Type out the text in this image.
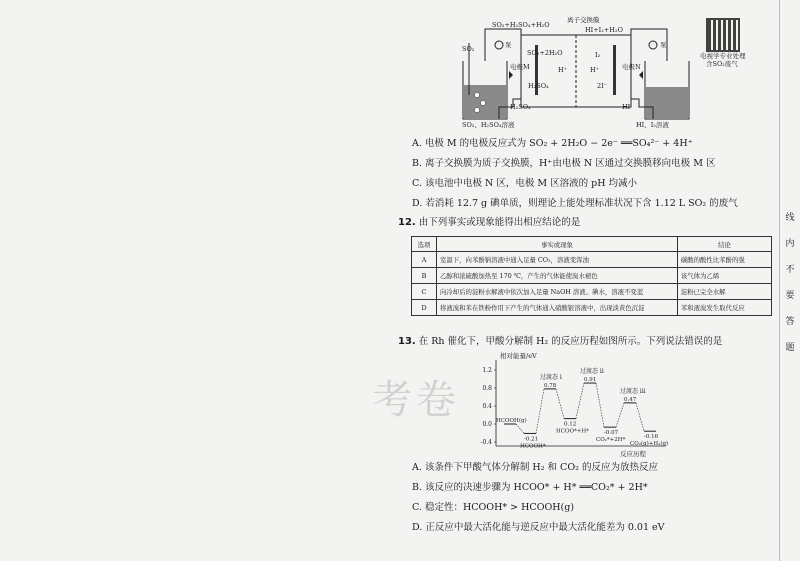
电视学专业处理
含SO₂废气
SO₂+H₂SO₄+H₂O
离子交换膜
HI+I₂+H₂O
SO₂	泵	泵
SO₂+2H₂O
电极M	电极N
H⁺	H⁺
I₂
H₂SO₄	2I⁻
H₂SO₄	HI
SO₂、H₂SO₄溶液	HI、I₂溶液
A. 电极 M 的电极反应式为 SO₂ + 2H₂O − 2e⁻ ══SO₄²⁻ + 4H⁺
B. 离子交换膜为质子交换膜，H⁺由电极 N 区通过交换膜移向电极 M 区
C. 该电池中电极 N 区，电极 M 区溶液的 pH 均减小
D. 若消耗 12.7 g 碘单质，则理论上能处理标准状况下含 1.12 L SO₂ 的废气
12. 由下列事实或现象能得出相应结论的是
选项	事实或现象	结论
A	室温下，向苯酚钠溶液中通入足量 CO₂，溶液变浑浊	碳酸的酸性比苯酚的强
B	乙醇和浓硫酸加热至 170 ℃，产生的气体能使溴水褪色	该气体为乙烯
C	向冷却后的淀粉水解液中依次加入足量 NaOH 溶液、碘水，溶液不变蓝	淀粉已完全水解
D	将液溴和苯在铁粉作用下产生的气体通入硝酸银溶液中，出现淡黄色沉淀	苯和液溴发生取代反应
13. 在 Rh 催化下，甲酸分解制 H₂ 的反应历程如图所示。下列说法错误的是
考卷
相对能量/eV
反应历程
1.2
0.8
0.4
0.0
-0.4	-0.21
0.78
0.12
0.91
-0.07
0.47
-0.16
HCOOH(g)
HCOOH*
HCOO*+H*
CO₂*+2H*
CO₂(g)+H₂(g)
过渡态 i
过渡态 ii
过渡态 iii
A. 该条件下甲酸气体分解制 H₂ 和 CO₂ 的反应为放热反应
B. 该反应的决速步骤为 HCOO* + H* ══CO₂* + 2H*
C. 稳定性：HCOOH* > HCOOH(g)
D. 正反应中最大活化能与逆反应中最大活化能差为 0.01 eV
线
内
不
要
答
题
